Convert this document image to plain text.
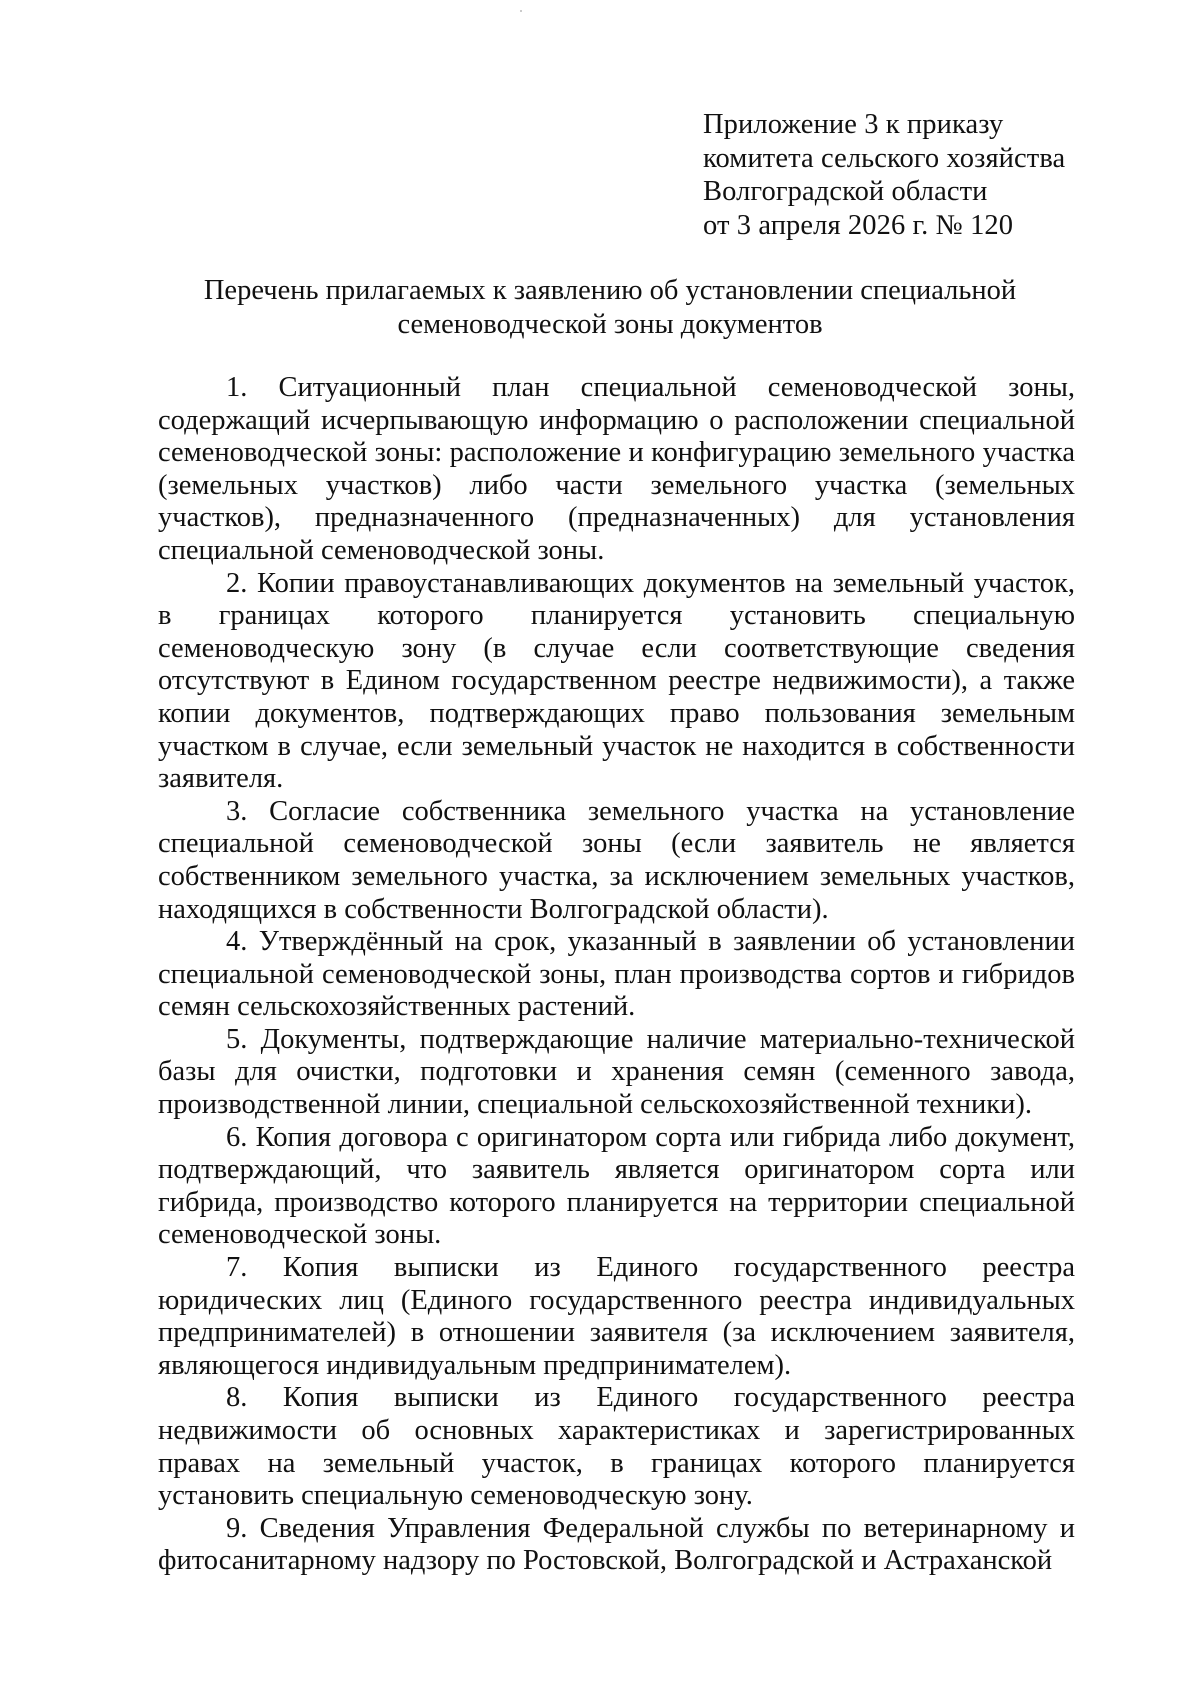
Приложение 3 к приказу
комитета сельского хозяйства
Волгоградской области
от 3 апреля 2026 г. № 120
Перечень прилагаемых к заявлению об установлении специальной
семеноводческой зоны документов

1. Ситуационный план специальной семеноводческой зоны, содержащий исчерпывающую информацию о расположении специальной семеноводческой зоны: расположение и конфигурацию земельного участка (земельных участков) либо части земельного участка (земельных участков), предназначенного (предназначенных) для установления специальной семеноводческой зоны.

2. Копии правоустанавливающих документов на земельный участок, в границах которого планируется установить специальную семеноводческую зону (в случае если соответствующие сведения отсутствуют в Едином государственном реестре недвижимости), а также копии документов, подтверждающих право пользования земельным участком в случае, если земельный участок не находится в собственности заявителя.

3. Согласие собственника земельного участка на установление специальной семеноводческой зоны (если заявитель не является собственником земельного участка, за исключением земельных участков, находящихся в собственности Волгоградской области).

4. Утверждённый на срок, указанный в заявлении об установлении специальной семеноводческой зоны, план производства сортов и гибридов семян сельскохозяйственных растений.

5. Документы, подтверждающие наличие материально-технической базы для очистки, подготовки и хранения семян (семенного завода, производственной линии, специальной сельскохозяйственной техники).

6. Копия договора с оригинатором сорта или гибрида либо документ, подтверждающий, что заявитель является оригинатором сорта или гибрида, производство которого планируется на территории специальной семеноводческой зоны.

7. Копия выписки из Единого государственного реестра юридических лиц (Единого государственного реестра индивидуальных предпринимателей) в отношении заявителя (за исключением заявителя, являющегося индивидуальным предпринимателем).

8. Копия выписки из Единого государственного реестра недвижимости об основных характеристиках и зарегистрированных правах на земельный участок, в границах которого планируется установить специальную семеноводческую зону.

9. Сведения Управления Федеральной службы по ветеринарному и фитосанитарному надзору по Ростовской, Волгоградской и Астраханской
